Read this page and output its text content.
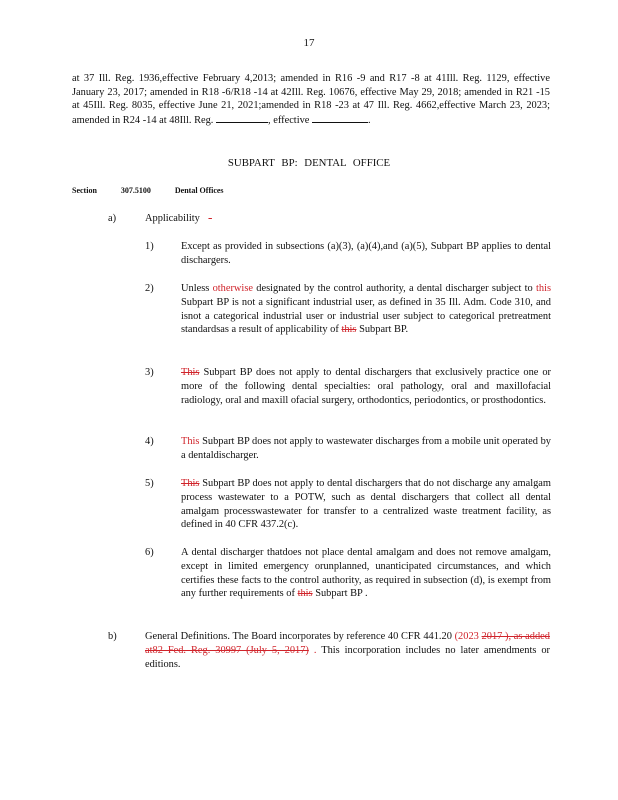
17
at 37 Ill. Reg. 1936,effective February 4,2013; amended in R16 -9 and R17 -8 at 41Ill. Reg. 1129, effective January 23, 2017; amended in R18 -6/R18 -14 at 42Ill. Reg. 10676, effective May 29, 2018; amended in R21 -15 at 45Ill. Reg. 8035, effective June 21, 2021;amended in R18 -23 at 47 Ill. Reg. 4662,effective March 23, 2023; amended in R24 -14 at 48Ill. Reg.	, effective	.
SUBPART BP: DENTAL OFFICE
Section	307.5100	Dental Offices
a)	Applicability -
1)	Except as provided in subsections (a)(3), (a)(4),and (a)(5), Subpart BP applies to dental dischargers.
2)	Unless otherwise designated by the control authority, a dental discharger subject to this Subpart BP is not a significant industrial user, as defined in 35 Ill. Adm. Code 310, and isnot a categorical industrial user or industrial user subject to categorical pretreatment standardsas a result of applicability of this Subpart BP.
3)	This Subpart BP does not apply to dental dischargers that exclusively practice one or more of the following dental specialties: oral pathology, oral and maxillofacial radiology, oral and maxill ofacial surgery, orthodontics, periodontics, or prosthodontics.
4)	This Subpart BP does not apply to wastewater discharges from a mobile unit operated by a dentaldischarger.
5)	This Subpart BP does not apply to dental dischargers that do not discharge any amalgam process wastewater to a POTW, such as dental dischargers that collect all dental amalgam processwastewater for transfer to a centralized waste treatment facility, as defined in 40 CFR 437.2(c).
6)	A dental discharger thatdoes not place dental amalgam and does not remove amalgam, except in limited emergency orunplanned, unanticipated circumstances, and which certifies these facts to the control authority, as required in subsection (d), is exempt from any further requirements of this Subpart BP .
b)	General Definitions. The Board incorporates by reference 40 CFR 441.20 (2023 2017 ), as added at82 Fed. Reg. 30997 (July 5, 2017) . This incorporation includes no later amendments or editions.
